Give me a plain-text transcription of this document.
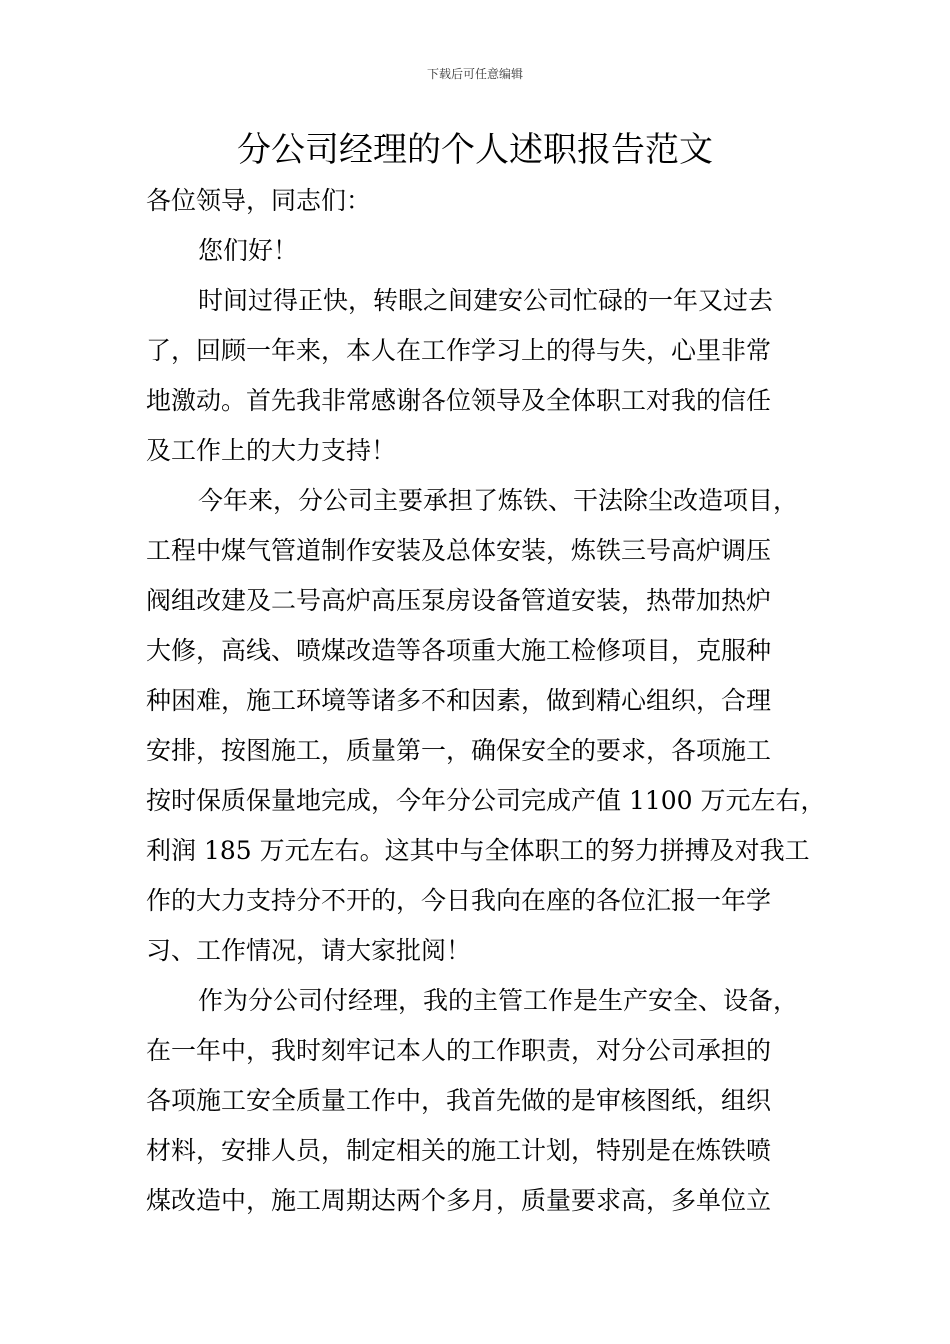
下载后可任意编辑
分公司经理的个人述职报告范文

各位领导，同志们：

您们好！

时间过得正快，转眼之间建安公司忙碌的一年又过去

了，回顾一年来，本人在工作学习上的得与失，心里非常

地激动。首先我非常感谢各位领导及全体职工对我的信任

及工作上的大力支持！

今年来，分公司主要承担了炼铁、干法除尘改造项目，

工程中煤气管道制作安装及总体安装，炼铁三号高炉调压

阀组改建及二号高炉高压泵房设备管道安装，热带加热炉

大修，高线、喷煤改造等各项重大施工检修项目，克服种

种困难，施工环境等诸多不和因素，做到精心组织，合理

安排，按图施工，质量第一，确保安全的要求，各项施工

按时保质保量地完成，今年分公司完成产值 1100 万元左右，

利润 185 万元左右。这其中与全体职工的努力拼搏及对我工

作的大力支持分不开的，今日我向在座的各位汇报一年学

习、工作情况，请大家批阅！

作为分公司付经理，我的主管工作是生产安全、设备，

在一年中，我时刻牢记本人的工作职责，对分公司承担的

各项施工安全质量工作中，我首先做的是审核图纸，组织

材料，安排人员，制定相关的施工计划，特别是在炼铁喷

煤改造中，施工周期达两个多月，质量要求高，多单位立
